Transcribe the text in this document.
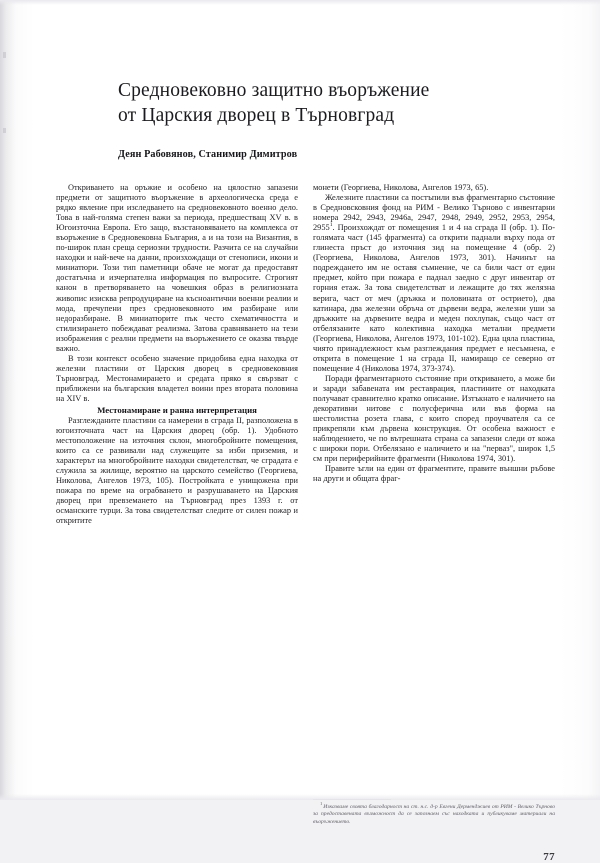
Средновековно защитно въоръжение
от Царския дворец в Търновград
Деян Рабовянов, Станимир Димитров

Откриването на оръжие и особено на цялостно запазени предмети от защитното въоръжение в археологическа среда е рядко явление при изследването на средновековното военно дело. Това в най-голяма степен важи за периода, предшестващ XV в. в Югоизточна Европа. Ето защо, възстановяването на комплекса от въоръжение в Средновековна България, а и на този на Византия, в по-широк план среща сериозни трудности. Разчита се на случайни находки и най-вече на данни, произхождащи от стенописи, икони и миниатюри. Този тип паметници обаче не могат да предоставят достатъчна и изчерпателна информация по въпросите. Строгият канон в претворяването на човешкия образ в религиозната живопис изисква репродуциране на късноантични военни реалии и мода, пречупени през средновековното им разбиране или недоразбиране. В миниатюрите пък често схематичността и стилизирането побеждават реализма. Затова сравняването на тези изображения с реални предмети на въоръжението се оказва твърде важно.

В този контекст особено значение придобива една находка от железни пластини от Царския дворец в средновековния Търновград. Местонамирането и средата пряко я свързват с приближени на българския владетел воини през втората половина на XIV в.

Местонамиране и ранна интерпретация

Разглежданите пластини са намерени в сграда II, разположена в югоизточната част на Царския дворец (обр. 1). Удобното местоположение на източния склон, многобройните помещения, които са се развивали над служещите за изби приземия, и характерът на многобройните находки свидетелстват, че сградата е служила за жилище, вероятно на царското семейство (Георгиева, Николова, Ангелов 1973, 105). Постройката е унищожена при пожара по време на ограбването и разрушаването на Царския дворец при превземането на Търновград през 1393 г. от османските турци. За това свидетелстват следите от силен пожар и откритите

монети (Георгиева, Николова, Ангелов 1973, 65).

Железните пластини са постъпили във фрагментарно състояние в Средновсковния фонд на РИМ - Велико Търново с инвентарни номера 2942, 2943, 2946а, 2947, 2948, 2949, 2952, 2953, 2954, 2955$^1$. Произхождат от помещения 1 и 4 на сграда II (обр. 1). По-голямата част (145 фрагмента) са открити паднали върху пода от глинеста пръст до източния зид на помещение 4 (обр. 2) (Георгиева, Николова, Ангелов 1973, 301). Начинът на подреждането им не оставя съмнение, че са били част от един предмет, който при пожара е паднал заедно с друг инвентар от горния етаж. За това свидетелстват и лежащите до тях желязна верига, част от меч (дръжка и половината от острието), два катинара, два железни обръча от дървени ведра, железни уши за дръжките на дървените ведра и меден похлупак, също част от отбелязаните като колективна находка метални предмети (Георгиева, Николова, Ангелов 1973, 101-102). Една цяла пластина, чиято принадлежност към разглеждания предмет е несъмнена, е открита в помещение 1 на сграда II, намиращо се северно от помещение 4 (Николова 1974, 373-374).

Поради фрагментарното състояние при откриването, а може би и заради забавената им реставрация, пластините от находката получават сравнително кратко описание. Изтъкнато е наличието на декоративни нитове с полусферична или във форма на шестолистна розета глава, с които според проучвателя са се прикрепяли към дървена конструкция. От особена важност е наблюдението, че по вътрешната страна са запазени следи от кожа с широки пори. Отбелязано е наличието и на "перваз", широк 1,5 см при периферийните фрагменти (Николова 1974, 301).

Правите ъгли на един от фрагментите, правите външни ръбове на други и общата фраг-

$^1$Изказваме своята благодарност на ст. н.с. д-р Евгени Дерменджиев от РИМ - Велико Търново за предоставената възможност да се запознаем със находката и публикуваме материали на въоръжението.

77
